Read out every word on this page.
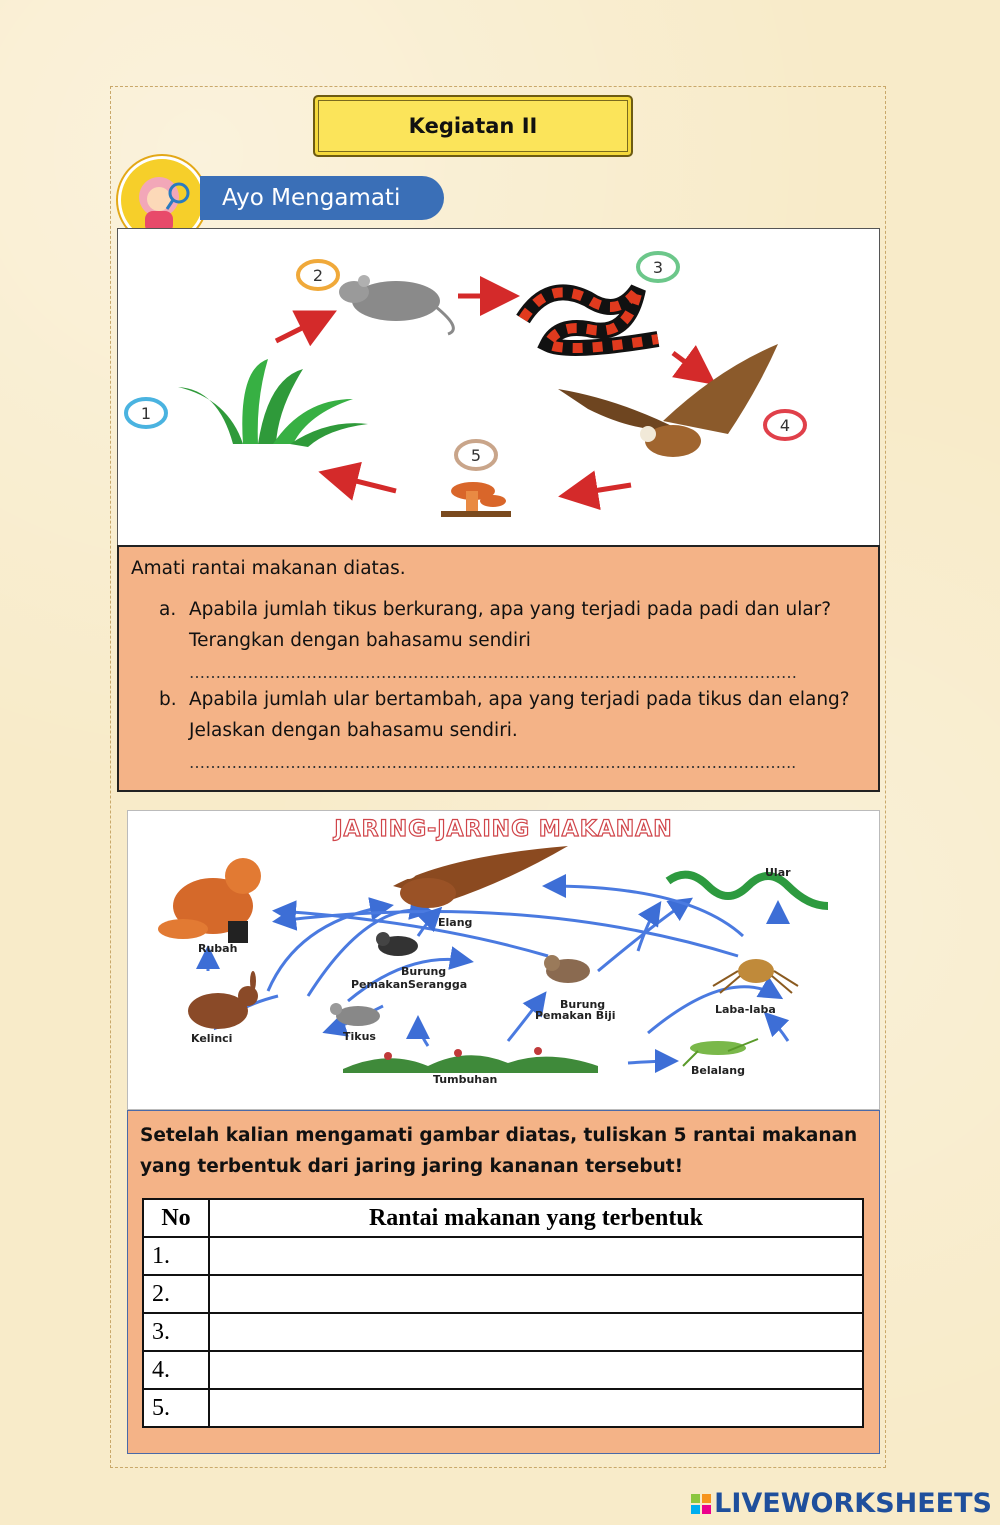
Kegiatan II
Ayo Mengamati
1
2	3
4
5
Amati rantai makanan diatas.
a. Apabila jumlah tikus berkurang, apa yang terjadi pada padi dan ular?
Terangkan dengan bahasamu sendiri
……………………………………………………………………………………………………
b. Apabila jumlah ular bertambah, apa yang terjadi pada tikus dan elang?
Jelaskan dengan bahasamu sendiri.
…………………………………………………………………………………………………...
JARING-JARING MAKANAN
Rubah
Elang
Ular
Burung
PemakanSerangga
Burung
Pemakan Biji	Laba-laba
Kelinci	Tikus
Tumbuhan
Belalang
Setelah kalian mengamati gambar diatas, tuliskan 5 rantai makanan yang terbentuk dari jaring jaring kananan tersebut!
No	Rantai makanan yang terbentuk
1.	
2.	
3.	
4.	
5.	
LIVEWORKSHEETS
